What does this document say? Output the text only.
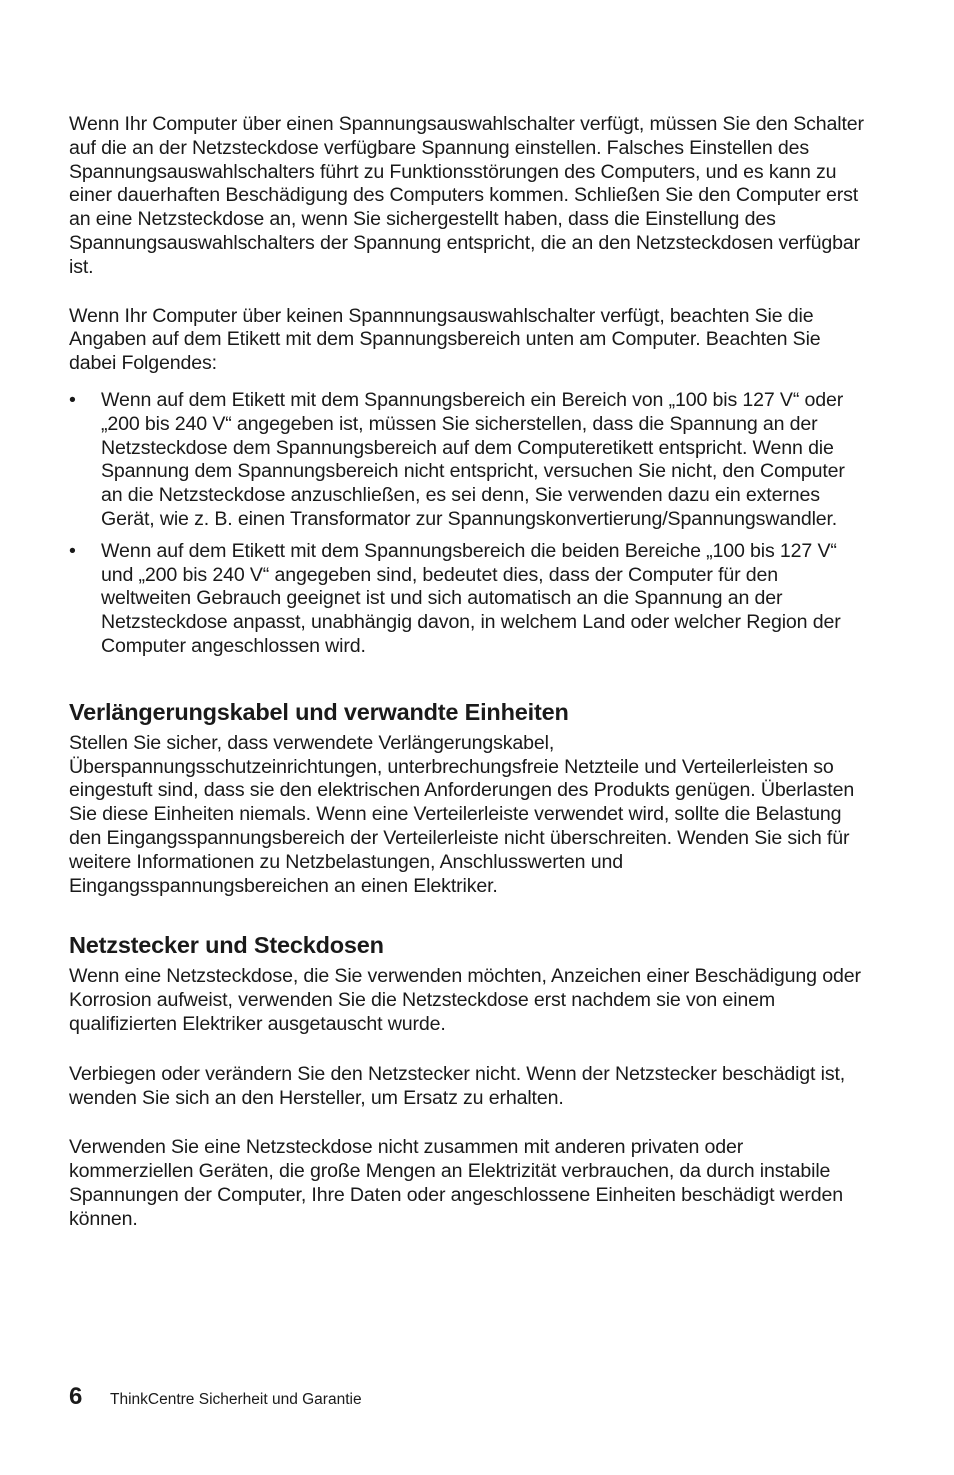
Wenn Ihr Computer über einen Spannungsauswahlschalter verfügt, müssen Sie den Schalter auf die an der Netzsteckdose verfügbare Spannung einstellen. Falsches Einstellen des Spannungsauswahlschalters führt zu Funktionsstörungen des Computers, und es kann zu einer dauerhaften Beschädigung des Computers kommen. Schließen Sie den Computer erst an eine Netzsteckdose an, wenn Sie sichergestellt haben, dass die Einstellung des Spannungsauswahlschalters der Spannung entspricht, die an den Netzsteckdosen verfügbar ist.

Wenn Ihr Computer über keinen Spannnungsauswahlschalter verfügt, beachten Sie die Angaben auf dem Etikett mit dem Spannungsbereich unten am Computer. Beachten Sie dabei Folgendes:

• Wenn auf dem Etikett mit dem Spannungsbereich ein Bereich von „100 bis 127 V“ oder „200 bis 240 V“ angegeben ist, müssen Sie sicherstellen, dass die Spannung an der Netzsteckdose dem Spannungsbereich auf dem Computeretikett entspricht. Wenn die Spannung dem Spannungsbereich nicht entspricht, versuchen Sie nicht, den Computer an die Netzsteckdose anzuschließen, es sei denn, Sie verwenden dazu ein externes Gerät, wie z. B. einen Transformator zur Spannungskonvertierung/Spannungswandler.

• Wenn auf dem Etikett mit dem Spannungsbereich die beiden Bereiche „100 bis 127 V“ und „200 bis 240 V“ angegeben sind, bedeutet dies, dass der Computer für den weltweiten Gebrauch geeignet ist und sich automatisch an die Spannung an der Netzsteckdose anpasst, unabhängig davon, in welchem Land oder welcher Region der Computer angeschlossen wird.

Verlängerungskabel und verwandte Einheiten

Stellen Sie sicher, dass verwendete Verlängerungskabel, Überspannungsschutzeinrichtungen, unterbrechungsfreie Netzteile und Verteilerleisten so eingestuft sind, dass sie den elektrischen Anforderungen des Produkts genügen. Überlasten Sie diese Einheiten niemals. Wenn eine Verteilerleiste verwendet wird, sollte die Belastung den Eingangsspannungsbereich der Verteilerleiste nicht überschreiten. Wenden Sie sich für weitere Informationen zu Netzbelastungen, Anschlusswerten und Eingangsspannungsbereichen an einen Elektriker.

Netzstecker und Steckdosen

Wenn eine Netzsteckdose, die Sie verwenden möchten, Anzeichen einer Beschädigung oder Korrosion aufweist, verwenden Sie die Netzsteckdose erst nachdem sie von einem qualifizierten Elektriker ausgetauscht wurde.

Verbiegen oder verändern Sie den Netzstecker nicht. Wenn der Netzstecker beschädigt ist, wenden Sie sich an den Hersteller, um Ersatz zu erhalten.

Verwenden Sie eine Netzsteckdose nicht zusammen mit anderen privaten oder kommerziellen Geräten, die große Mengen an Elektrizität verbrauchen, da durch instabile Spannungen der Computer, Ihre Daten oder angeschlossene Einheiten beschädigt werden können.

6	ThinkCentre Sicherheit und Garantie
